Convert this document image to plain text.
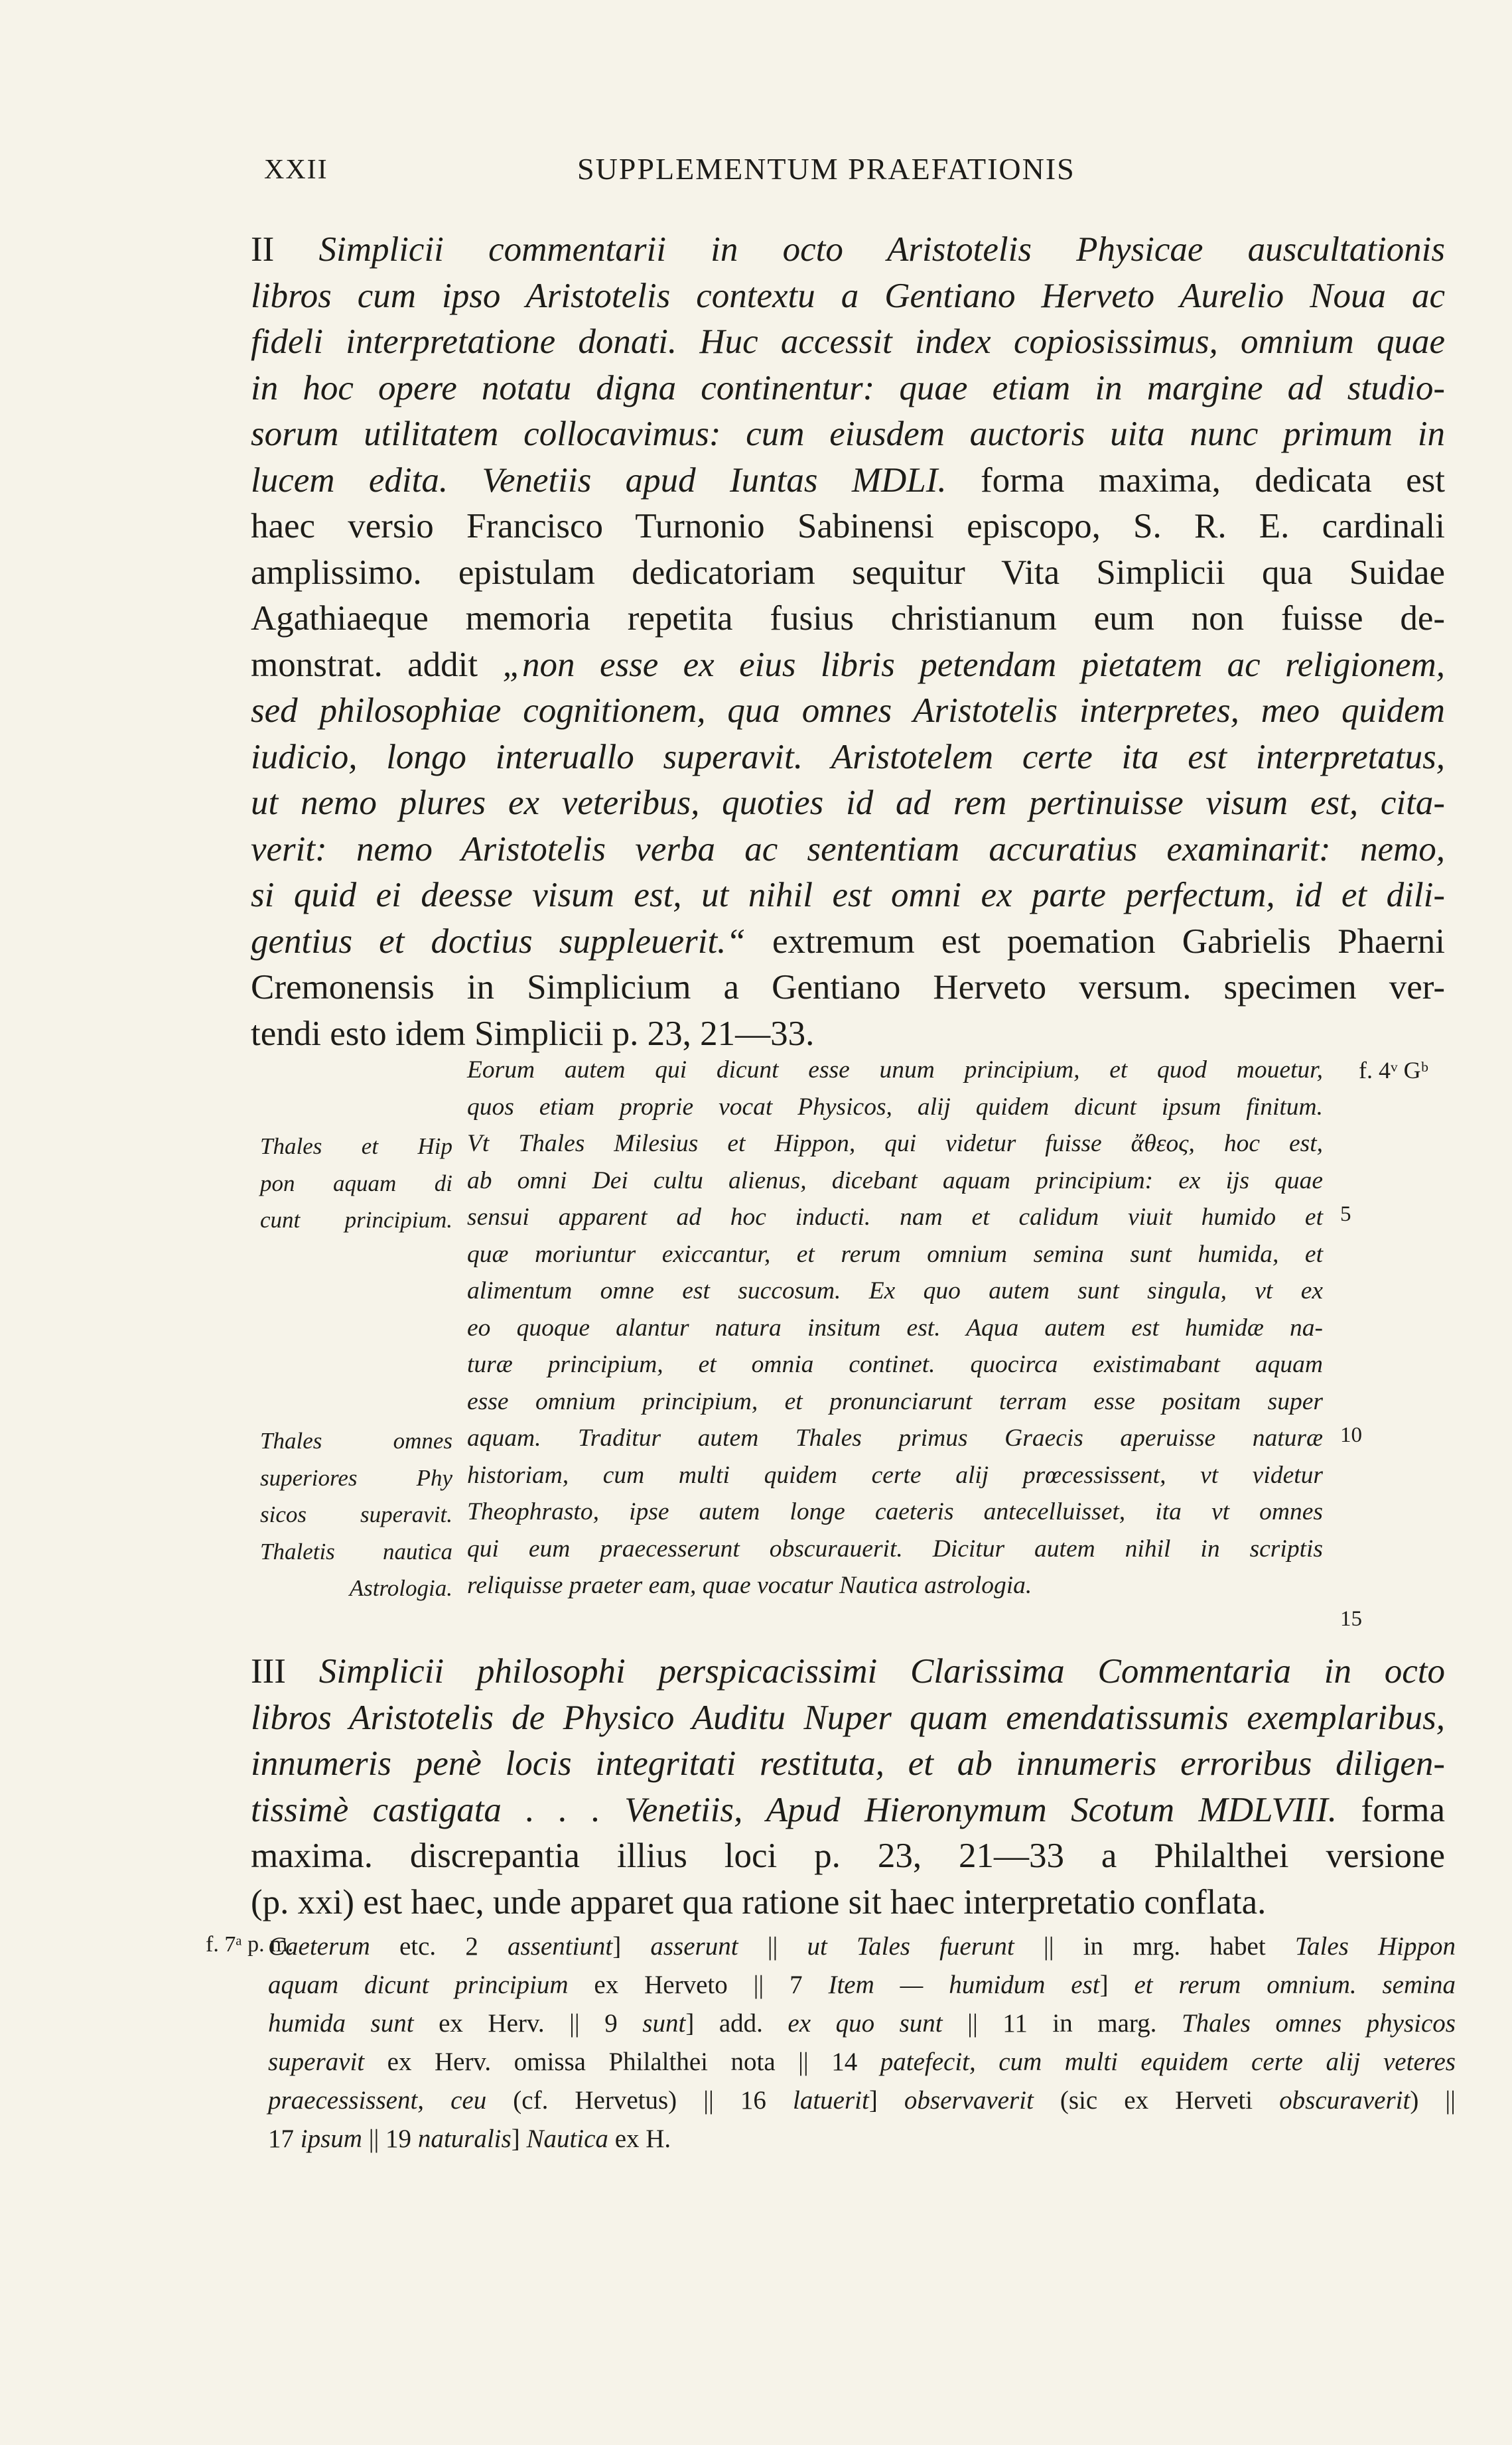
XXII	SUPPLEMENTUM PRAEFATIONIS
II Simplicii commentarii in octo Aristotelis Physicae auscultationis
libros cum ipso Aristotelis contextu a Gentiano Herveto Aurelio Noua ac
fideli interpretatione donati. Huc accessit index copiosissimus, omnium quae
in hoc opere notatu digna continentur: quae etiam in margine ad studio-
sorum utilitatem collocavimus: cum eiusdem auctoris uita nunc primum in
lucem edita. Venetiis apud Iuntas MDLI. forma maxima, dedicata est
haec versio Francisco Turnonio Sabinensi episcopo, S. R. E. cardinali
amplissimo. epistulam dedicatoriam sequitur Vita Simplicii qua Suidae
Agathiaeque memoria repetita fusius christianum eum non fuisse de-
monstrat. addit „non esse ex eius libris petendam pietatem ac religionem,
sed philosophiae cognitionem, qua omnes Aristotelis interpretes, meo quidem
iudicio, longo interuallo superavit. Aristotelem certe ita est interpretatus,
ut nemo plures ex veteribus, quoties id ad rem pertinuisse visum est, cita-
verit: nemo Aristotelis verba ac sententiam accuratius examinarit: nemo,
si quid ei deesse visum est, ut nihil est omni ex parte perfectum, id et dili-
gentius et doctius suppleuerit.“ extremum est poemation Gabrielis Phaerni
Cremonensis in Simplicium a Gentiano Herveto versum. specimen ver-
tendi esto idem Simplicii p. 23, 21—33.
f. 4ᵛ Gᵇ
Eorum autem qui dicunt esse unum principium, et quod mouetur,
quos etiam proprie vocat Physicos, alij quidem dicunt ipsum finitum.
Vt Thales Milesius et Hippon, qui videtur fuisse ἄθεος, hoc est,
ab omni Dei cultu alienus, dicebant aquam principium: ex ijs quae
sensui apparent ad hoc inducti. nam et calidum viuit humido et
quæ moriuntur exiccantur, et rerum omnium semina sunt humida, et
alimentum omne est succosum. Ex quo autem sunt singula, vt ex
eo quoque alantur natura insitum est. Aqua autem est humidæ na-
turæ principium, et omnia continet. quocirca existimabant aquam
esse omnium principium, et pronunciarunt terram esse positam super
aquam. Traditur autem Thales primus Graecis aperuisse naturæ
historiam, cum multi quidem certe alij prœcessissent, vt videtur
Theophrasto, ipse autem longe caeteris antecelluisset, ita vt omnes
qui eum praecesserunt obscurauerit. Dicitur autem nihil in scriptis
reliquisse praeter eam, quae vocatur Nautica astrologia.
5
10
15
Thales et Hip
pon aquam di
cunt principium.
Thales omnes
superiores Phy
sicos superavit.
Thaletis nautica
Astrologia.
III Simplicii philosophi perspicacissimi Clarissima Commentaria in octo
libros Aristotelis de Physico Auditu Nuper quam emendatissumis exemplaribus,
innumeris penè locis integritati restituta, et ab innumeris erroribus diligen-
tissimè castigata . . . Venetiis, Apud Hieronymum Scotum MDLVIII. forma
maxima. discrepantia illius loci p. 23, 21—33 a Philalthei versione
(p. xxi) est haec, unde apparet qua ratione sit haec interpretatio conflata.
f. 7ᵃ p. m.
Caeterum etc. 2 assentiunt] asserunt || ut Tales fuerunt || in mrg. habet Tales Hippon
aquam dicunt principium ex Herveto || 7 Item — humidum est] et rerum omnium. semina
humida sunt ex Herv. || 9 sunt] add. ex quo sunt || 11 in marg. Thales omnes physicos
superavit ex Herv. omissa Philalthei nota || 14 patefecit, cum multi equidem certe alij veteres
praecessissent, ceu (cf. Hervetus) || 16 latuerit] observaverit (sic ex Herveti obscuraverit) ||
17 ipsum || 19 naturalis] Nautica ex H.
